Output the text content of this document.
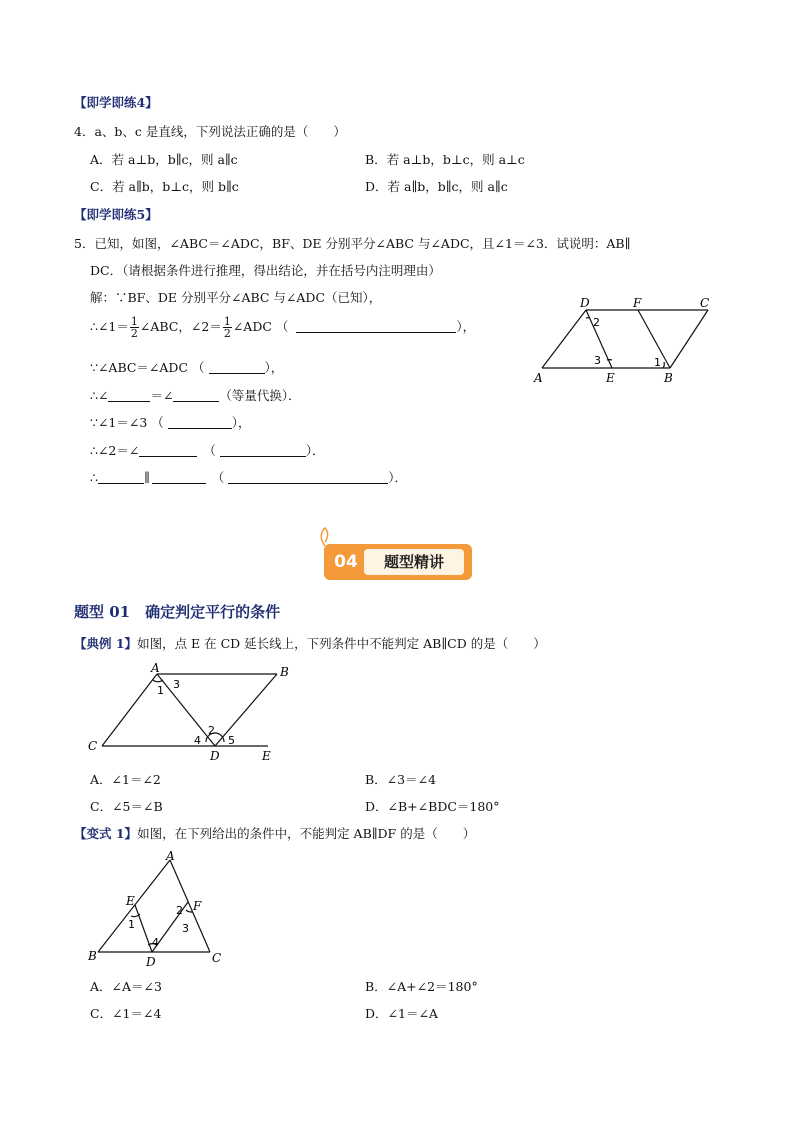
【即学即练4】
4．a、b、c 是直线，下列说法正确的是（　　）
A．若 a⊥b，b∥c，则 a∥c	B．若 a⊥b，b⊥c，则 a⊥c
C．若 a∥b，b⊥c，则 b∥c	D．若 a∥b，b∥c，则 a∥c
【即学即练5】
5．已知，如图，∠ABC＝∠ADC，BF、DE 分别平分∠ABC 与∠ADC，且∠1＝∠3．试说明：AB∥
DC．（请根据条件进行推理，得出结论，并在括号内注明理由）
解：∵BF、DE 分别平分∠ABC 与∠ADC（已知），
∴∠1＝ $\frac{1}{2}$ ∠ABC，∠2＝ $\frac{1}{2}$ ∠ADC （	），
∵∠ABC＝∠ADC （	），
∴∠	＝∠	（等量代换）．
∵∠1＝∠3 （	），
∴∠2＝∠	（	）．
∴	∥	（	）．
D	F	C
A	E	B
1
2
3
04	题型精讲
题型 01　确定判定平行的条件
【典例 1】如图，点 E 在 CD 延长线上，下列条件中不能判定 AB∥CD 的是（　　）
A	B
C
D	E
1
2
3
4 5
A．∠1＝∠2	B．∠3＝∠4
C．∠5＝∠B	D．∠B+∠BDC＝180°
【变式 1】如图，在下列给出的条件中，不能判定 AB∥DF 的是（　　）
A
B	C
D
E	F
1
2
3
4
A．∠A＝∠3	B．∠A+∠2＝180°
C．∠1＝∠4	D．∠1＝∠A
